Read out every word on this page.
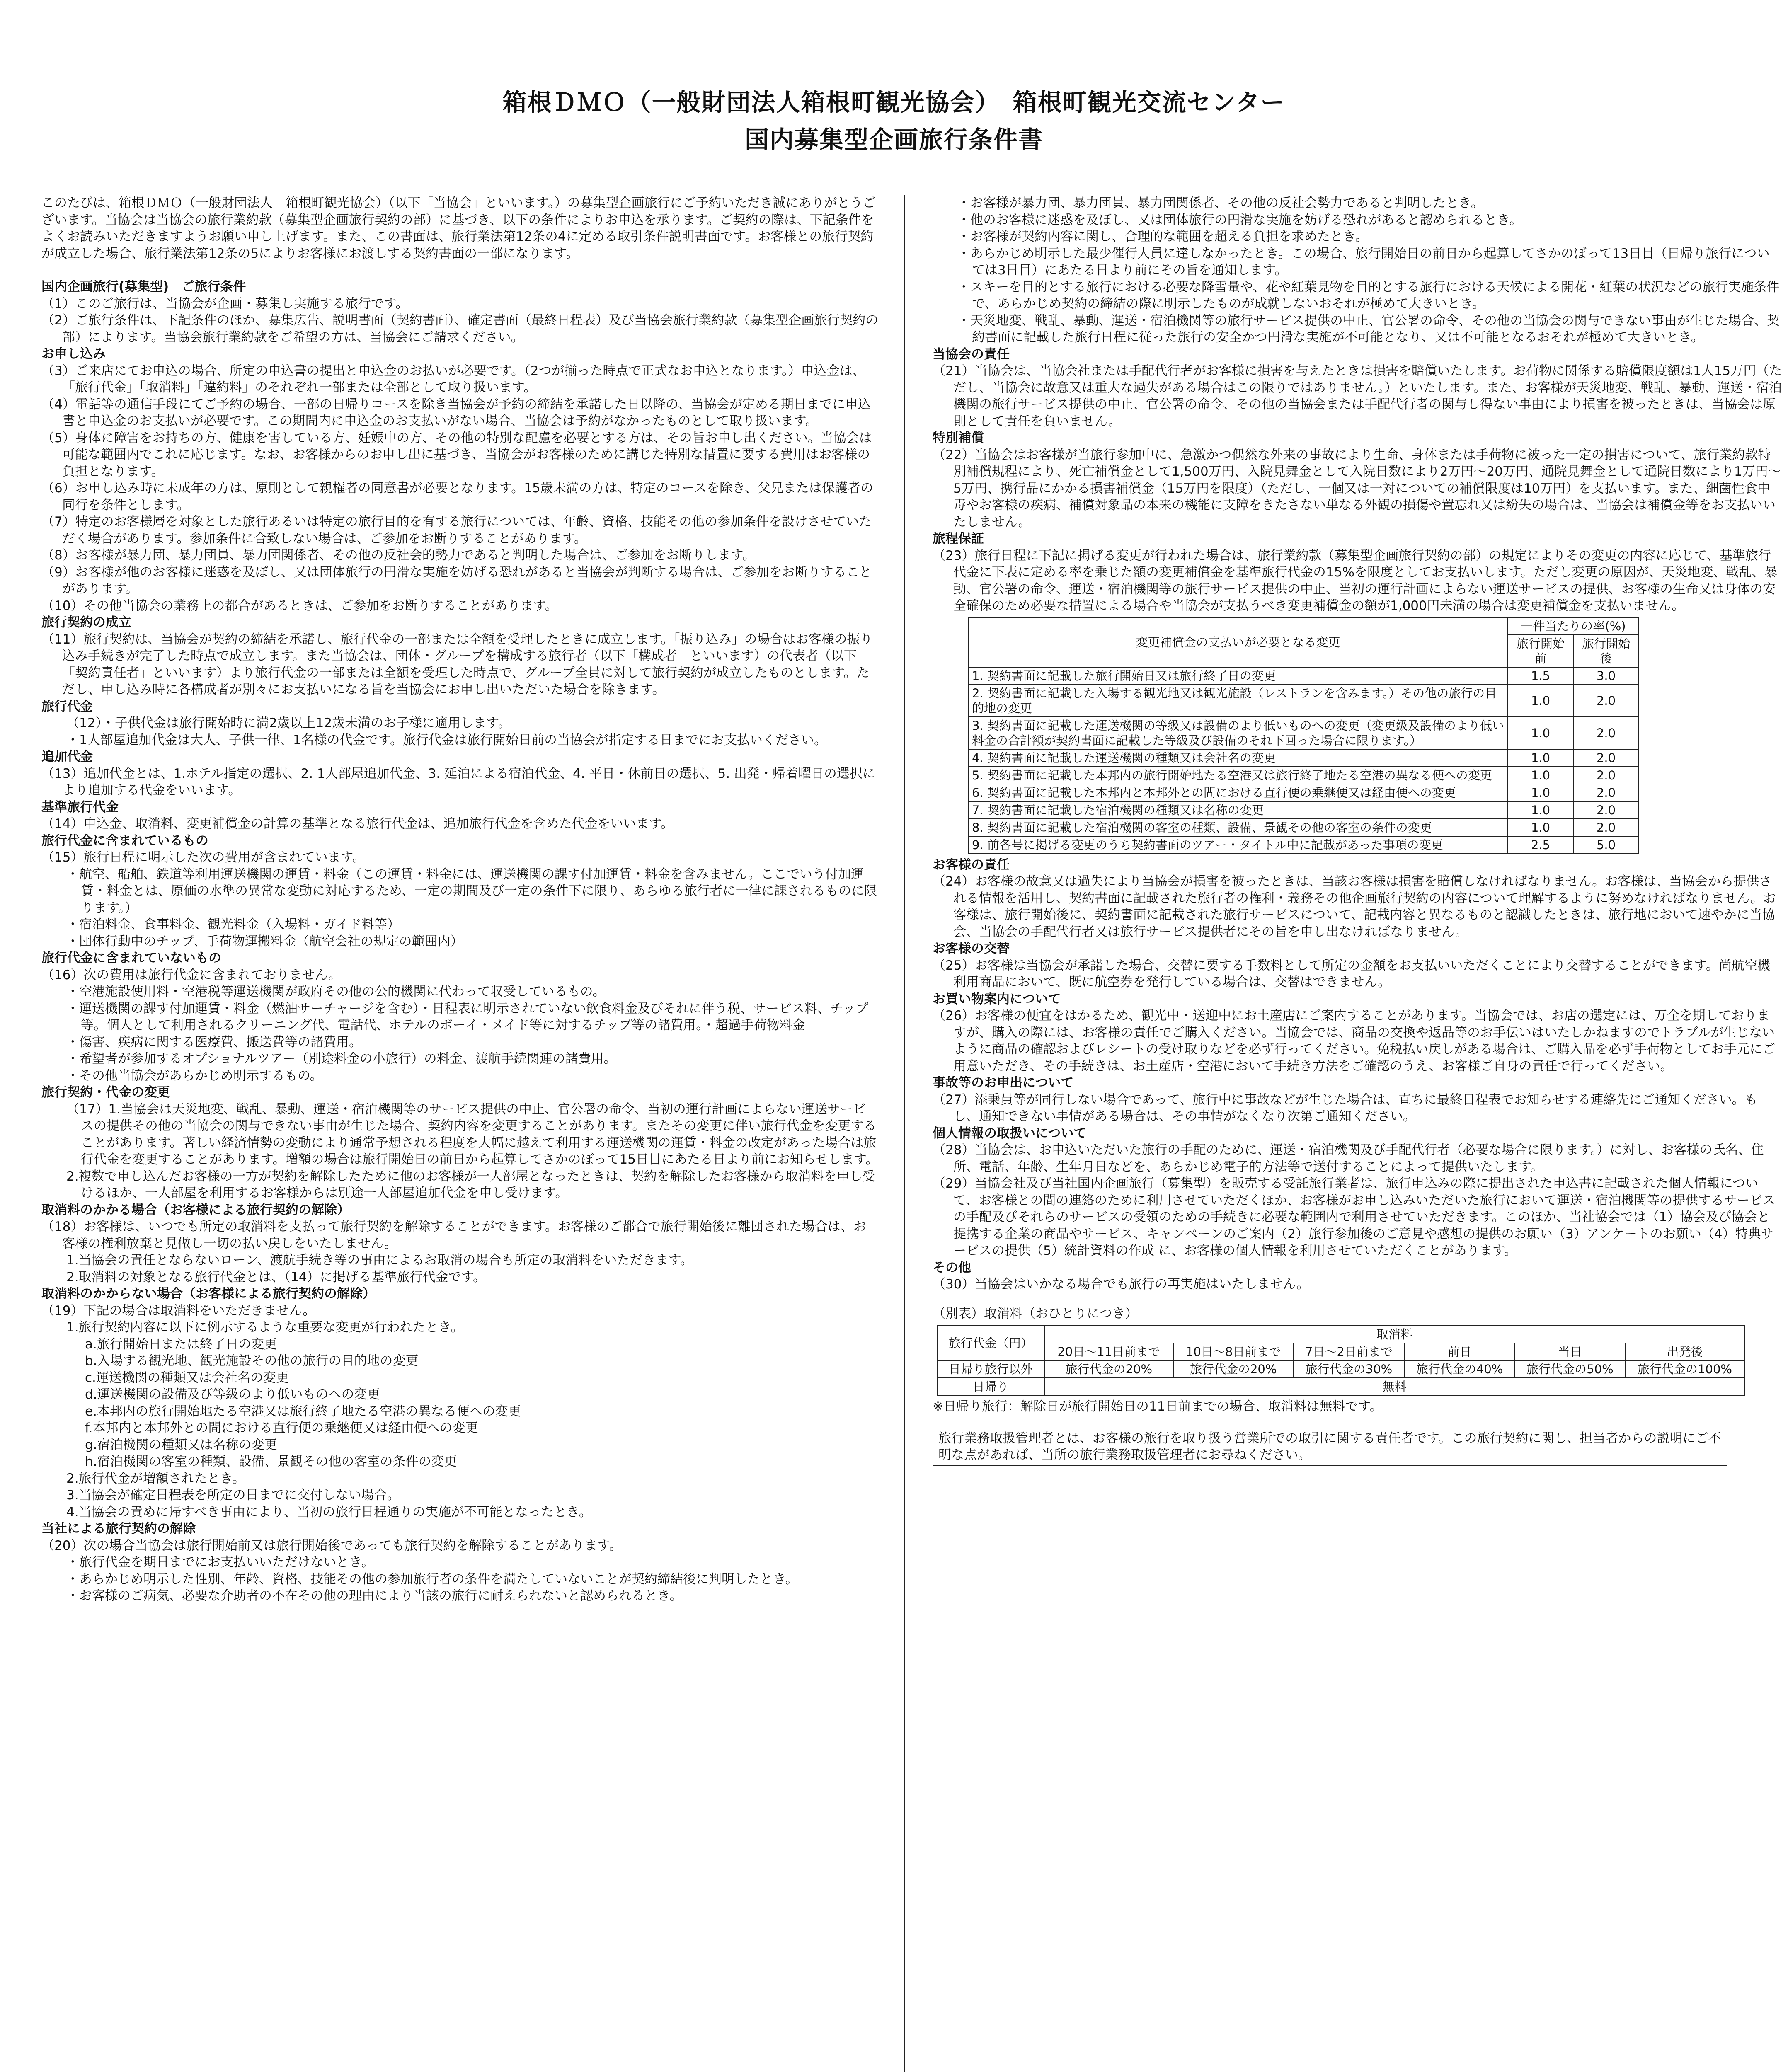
箱根ＤＭＯ（一般財団法人箱根町観光協会）　箱根町観光交流センター
国内募集型企画旅行条件書
このたびは、箱根ＤＭＯ（一般財団法人　箱根町観光協会）（以下「当協会」といいます。）の募集型企画旅行にご予約いただき誠にありがとうございます。当協会は当協会の旅行業約款（募集型企画旅行契約の部）に基づき、以下の条件によりお申込を承ります。ご契約の際は、下記条件をよくお読みいただきますようお願い申し上げます。また、この書面は、旅行業法第12条の4に定める取引条件説明書面です。お客様との旅行契約が成立した場合、旅行業法第12条の5によりお客様にお渡しする契約書面の一部になります。
国内企画旅行(募集型)　ご旅行条件
（1）このご旅行は、当協会が企画・募集し実施する旅行です。
（2）ご旅行条件は、下記条件のほか、募集広告、説明書面（契約書面）、確定書面（最終日程表）及び当協会旅行業約款（募集型企画旅行契約の部）によります。当協会旅行業約款をご希望の方は、当協会にご請求ください。
お申し込み
（3）ご来店にてお申込の場合、所定の申込書の提出と申込金のお払いが必要です。（2つが揃った時点で正式なお申込となります。）申込金は、「旅行代金」「取消料」「違約料」のそれぞれ一部または全部として取り扱います。
（4）電話等の通信手段にてご予約の場合、一部の日帰りコースを除き当協会が予約の締結を承諾した日以降の、当協会が定める期日までに申込書と申込金のお支払いが必要です。この期間内に申込金のお支払いがない場合、当協会は予約がなかったものとして取り扱います。
（5）身体に障害をお持ちの方、健康を害している方、妊娠中の方、その他の特別な配慮を必要とする方は、その旨お申し出ください。当協会は可能な範囲内でこれに応じます。なお、お客様からのお申し出に基づき、当協会がお客様のために講じた特別な措置に要する費用はお客様の負担となります。
（6）お申し込み時に未成年の方は、原則として親権者の同意書が必要となります。15歳未満の方は、特定のコースを除き、父兄または保護者の同行を条件とします。
（7）特定のお客様層を対象とした旅行あるいは特定の旅行目的を有する旅行については、年齢、資格、技能その他の参加条件を設けさせていただく場合があります。参加条件に合致しない場合は、ご参加をお断りすることがあります。
（8）お客様が暴力団、暴力団員、暴力団関係者、その他の反社会的勢力であると判明した場合は、ご参加をお断りします。
（9）お客様が他のお客様に迷惑を及ぼし、又は団体旅行の円滑な実施を妨げる恐れがあると当協会が判断する場合は、ご参加をお断りすることがあります。
（10）その他当協会の業務上の都合があるときは、ご参加をお断りすることがあります。
旅行契約の成立
（11）旅行契約は、当協会が契約の締結を承諾し、旅行代金の一部または全額を受理したときに成立します。「振り込み」の場合はお客様の振り込み手続きが完了した時点で成立します。また当協会は、団体・グループを構成する旅行者（以下「構成者」といいます）の代表者（以下「契約責任者」といいます）より旅行代金の一部または全額を受理した時点で、グループ全員に対して旅行契約が成立したものとします。ただし、申し込み時に各構成者が別々にお支払いになる旨を当協会にお申し出いただいた場合を除きます。
旅行代金
（12）・子供代金は旅行開始時に満2歳以上12歳未満のお子様に適用します。
・1人部屋追加代金は大人、子供一律、1名様の代金です。旅行代金は旅行開始日前の当協会が指定する日までにお支払いください。
追加代金
（13）追加代金とは、1.ホテル指定の選択、2. 1人部屋追加代金、3. 延泊による宿泊代金、4. 平日・休前日の選択、5. 出発・帰着曜日の選択により追加する代金をいいます。
基準旅行代金
（14）申込金、取消料、変更補償金の計算の基準となる旅行代金は、追加旅行代金を含めた代金をいいます。
旅行代金に含まれているもの
（15）旅行日程に明示した次の費用が含まれています。
・航空、船舶、鉄道等利用運送機関の運賃・料金（この運賃・料金には、運送機関の課す付加運賃・料金を含みません。ここでいう付加運賃・料金とは、原価の水準の異常な変動に対応するため、一定の期間及び一定の条件下に限り、あらゆる旅行者に一律に課されるものに限ります。）
・宿泊料金、食事料金、観光料金（入場料・ガイド料等）
・団体行動中のチップ、手荷物運搬料金（航空会社の規定の範囲内）
旅行代金に含まれていないもの
（16）次の費用は旅行代金に含まれておりません。
・空港施設使用料・空港税等運送機関が政府その他の公的機関に代わって収受しているもの。
・運送機関の課す付加運賃・料金（燃油サーチャージを含む）・日程表に明示されていない飲食料金及びそれに伴う税、サービス料、チップ等。個人として利用されるクリーニング代、電話代、ホテルのボーイ・メイド等に対するチップ等の諸費用。・超過手荷物料金
・傷害、疾病に関する医療費、搬送費等の諸費用。
・希望者が参加するオプショナルツアー（別途料金の小旅行）の料金、渡航手続関連の諸費用。
・その他当協会があらかじめ明示するもの。
旅行契約・代金の変更
（17）1.当協会は天災地変、戦乱、暴動、運送・宿泊機関等のサービス提供の中止、官公署の命令、当初の運行計画によらない運送サービスの提供その他の当協会の関与できない事由が生じた場合、契約内容を変更することがあります。またその変更に伴い旅行代金を変更することがあります。著しい経済情勢の変動により通常予想される程度を大幅に越えて利用する運送機関の運賃・料金の改定があった場合は旅行代金を変更することがあります。増額の場合は旅行開始日の前日から起算してさかのぼって15日目にあたる日より前にお知らせします。
2.複数で申し込んだお客様の一方が契約を解除したために他のお客様が一人部屋となったときは、契約を解除したお客様から取消料を申し受けるほか、一人部屋を利用するお客様からは別途一人部屋追加代金を申し受けます。
取消料のかかる場合（お客様による旅行契約の解除）
（18）お客様は、いつでも所定の取消料を支払って旅行契約を解除することができます。お客様のご都合で旅行開始後に離団された場合は、お客様の権利放棄と見做し一切の払い戻しをいたしません。
1.当協会の責任とならないローン、渡航手続き等の事由によるお取消の場合も所定の取消料をいただきます。
2.取消料の対象となる旅行代金とは、（14）に掲げる基準旅行代金です。
取消料のかからない場合（お客様による旅行契約の解除）
（19）下記の場合は取消料をいただきません。
1.旅行契約内容に以下に例示するような重要な変更が行われたとき。
a.旅行開始日または終了日の変更
b.入場する観光地、観光施設その他の旅行の目的地の変更
c.運送機関の種類又は会社名の変更
d.運送機関の設備及び等級のより低いものへの変更
e.本邦内の旅行開始地たる空港又は旅行終了地たる空港の異なる便への変更
f.本邦内と本邦外との間における直行便の乗継便又は経由便への変更
g.宿泊機関の種類又は名称の変更
h.宿泊機関の客室の種類、設備、景観その他の客室の条件の変更
2.旅行代金が増額されたとき。
3.当協会が確定日程表を所定の日までに交付しない場合。
4.当協会の責めに帰すべき事由により、当初の旅行日程通りの実施が不可能となったとき。
当社による旅行契約の解除
（20）次の場合当協会は旅行開始前又は旅行開始後であっても旅行契約を解除することがあります。
・旅行代金を期日までにお支払いいただけないとき。
・あらかじめ明示した性別、年齢、資格、技能その他の参加旅行者の条件を満たしていないことが契約締結後に判明したとき。
・お客様のご病気、必要な介助者の不在その他の理由により当該の旅行に耐えられないと認められるとき。
・お客様が暴力団、暴力団員、暴力団関係者、その他の反社会勢力であると判明したとき。
・他のお客様に迷惑を及ぼし、又は団体旅行の円滑な実施を妨げる恐れがあると認められるとき。
・お客様が契約内容に関し、合理的な範囲を超える負担を求めたとき。
・あらかじめ明示した最少催行人員に達しなかったとき。この場合、旅行開始日の前日から起算してさかのぼって13日目（日帰り旅行については3日目）にあたる日より前にその旨を通知します。
・スキーを目的とする旅行における必要な降雪量や、花や紅葉見物を目的とする旅行における天候による開花・紅葉の状況などの旅行実施条件で、あらかじめ契約の締結の際に明示したものが成就しないおそれが極めて大きいとき。
・天災地変、戦乱、暴動、運送・宿泊機関等の旅行サービス提供の中止、官公署の命令、その他の当協会の関与できない事由が生じた場合、契約書面に記載した旅行日程に従った旅行の安全かつ円滑な実施が不可能となり、又は不可能となるおそれが極めて大きいとき。
当協会の責任
（21）当協会は、当協会社または手配代行者がお客様に損害を与えたときは損害を賠償いたします。お荷物に関係する賠償限度額は1人15万円（ただし、当協会に故意又は重大な過失がある場合はこの限りではありません。）といたします。また、お客様が天災地変、戦乱、暴動、運送・宿泊機関の旅行サービス提供の中止、官公署の命令、その他の当協会または手配代行者の関与し得ない事由により損害を被ったときは、当協会は原則として責任を負いません。
特別補償
（22）当協会はお客様が当旅行参加中に、急激かつ偶然な外来の事故により生命、身体または手荷物に被った一定の損害について、旅行業約款特別補償規程により、死亡補償金として1,500万円、入院見舞金として入院日数により2万円～20万円、通院見舞金として通院日数により1万円～5万円、携行品にかかる損害補償金（15万円を限度）（ただし、一個又は一対についての補償限度は10万円）を支払います。また、細菌性食中毒やお客様の疾病、補償対象品の本来の機能に支障をきたさない単なる外観の損傷や置忘れ又は紛失の場合は、当協会は補償金等をお支払いいたしません。
旅程保証
（23）旅行日程に下記に掲げる変更が行われた場合は、旅行業約款（募集型企画旅行契約の部）の規定によりその変更の内容に応じて、基準旅行代金に下表に定める率を乗じた額の変更補償金を基準旅行代金の15%を限度としてお支払いします。ただし変更の原因が、天災地変、戦乱、暴動、官公署の命令、運送・宿泊機関等の旅行サービス提供の中止、当初の運行計画によらない運送サービスの提供、お客様の生命又は身体の安全確保のため必要な措置による場合や当協会が支払うべき変更補償金の額が1,000円未満の場合は変更補償金を支払いません。
変更補償金の支払いが必要となる変更	一件当たりの率(%)	
	旅行開始前	旅行開始後
1. 契約書面に記載した旅行開始日又は旅行終了日の変更	1.5	3.0
2. 契約書面に記載した入場する観光地又は観光施設（レストランを含みます。）その他の旅行の目的地の変更	1.0	2.0
3. 契約書面に記載した運送機関の等級又は設備のより低いものへの変更（変更級及設備のより低い料金の合計額が契約書面に記載した等級及び設備のそれ下回った場合に限ります。）	1.0	2.0
4. 契約書面に記載した運送機関の種類又は会社名の変更	1.0	2.0
5. 契約書面に記載した本邦内の旅行開始地たる空港又は旅行終了地たる空港の異なる便への変更	1.0	2.0
6. 契約書面に記載した本邦内と本邦外との間における直行便の乗継便又は経由便への変更	1.0	2.0
7. 契約書面に記載した宿泊機関の種類又は名称の変更	1.0	2.0
8. 契約書面に記載した宿泊機関の客室の種類、設備、景観その他の客室の条件の変更	1.0	2.0
9. 前各号に掲げる変更のうち契約書面のツアー・タイトル中に記載があった事項の変更	2.5	5.0
お客様の責任
（24）お客様の故意又は過失により当協会が損害を被ったときは、当該お客様は損害を賠償しなければなりません。お客様は、当協会から提供される情報を活用し、契約書面に記載された旅行者の権利・義務その他企画旅行契約の内容について理解するように努めなければなりません。お客様は、旅行開始後に、契約書面に記載された旅行サービスについて、記載内容と異なるものと認識したときは、旅行地において速やかに当協会、当協会の手配代行者又は旅行サービス提供者にその旨を申し出なければなりません。
お客様の交替
（25）お客様は当協会が承諾した場合、交替に要する手数料として所定の金額をお支払いいただくことにより交替することができます。尚航空機利用商品において、既に航空券を発行している場合は、交替はできません。
お買い物案内について
（26）お客様の便宜をはかるため、観光中・送迎中にお土産店にご案内することがあります。当協会では、お店の選定には、万全を期しておりますが、購入の際には、お客様の責任でご購入ください。当協会では、商品の交換や返品等のお手伝いはいたしかねますのでトラブルが生じないように商品の確認およびレシートの受け取りなどを必ず行ってください。免税払い戻しがある場合は、ご購入品を必ず手荷物としてお手元にご用意いただき、その手続きは、お土産店・空港において手続き方法をご確認のうえ、お客様ご自身の責任で行ってください。
事故等のお申出について
（27）添乗員等が同行しない場合であって、旅行中に事故などが生じた場合は、直ちに最終日程表でお知らせする連絡先にご通知ください。もし、通知できない事情がある場合は、その事情がなくなり次第ご通知ください。
個人情報の取扱いについて
（28）当協会は、お申込いただいた旅行の手配のために、運送・宿泊機関及び手配代行者（必要な場合に限ります。）に対し、お客様の氏名、住所、電話、年齢、生年月日などを、あらかじめ電子的方法等で送付することによって提供いたします。
（29）当協会社及び当社国内企画旅行（募集型）を販売する受託旅行業者は、旅行申込みの際に提出された申込書に記載された個人情報について、お客様との間の連絡のために利用させていただくほか、お客様がお申し込みいただいた旅行において運送・宿泊機関等の提供するサービスの手配及びそれらのサービスの受領のための手続きに必要な範囲内で利用させていただきます。このほか、当社協会では（1）協会及び協会と提携する企業の商品やサービス、キャンペーンのご案内（2）旅行参加後のご意見や感想の提供のお願い（3）アンケートのお願い（4）特典サービスの提供（5）統計資料の作成 に、お客様の個人情報を利用させていただくことがあります。
その他
（30）当協会はいかなる場合でも旅行の再実施はいたしません。
（別表）取消料（おひとりにつき）
旅行代金（円）	取消料					
	20日～11日前まで	10日～8日前まで	7日～2日前まで	前日	当日	出発後
日帰り旅行以外	旅行代金の20%	旅行代金の20%	旅行代金の30%	旅行代金の40%	旅行代金の50%	旅行代金の100%
日帰り	無料					
※日帰り旅行：解除日が旅行開始日の11日前までの場合、取消料は無料です。
旅行業務取扱管理者とは、お客様の旅行を取り扱う営業所での取引に関する責任者です。この旅行契約に関し、担当者からの説明にご不明な点があれば、当所の旅行業務取扱管理者にお尋ねください。
